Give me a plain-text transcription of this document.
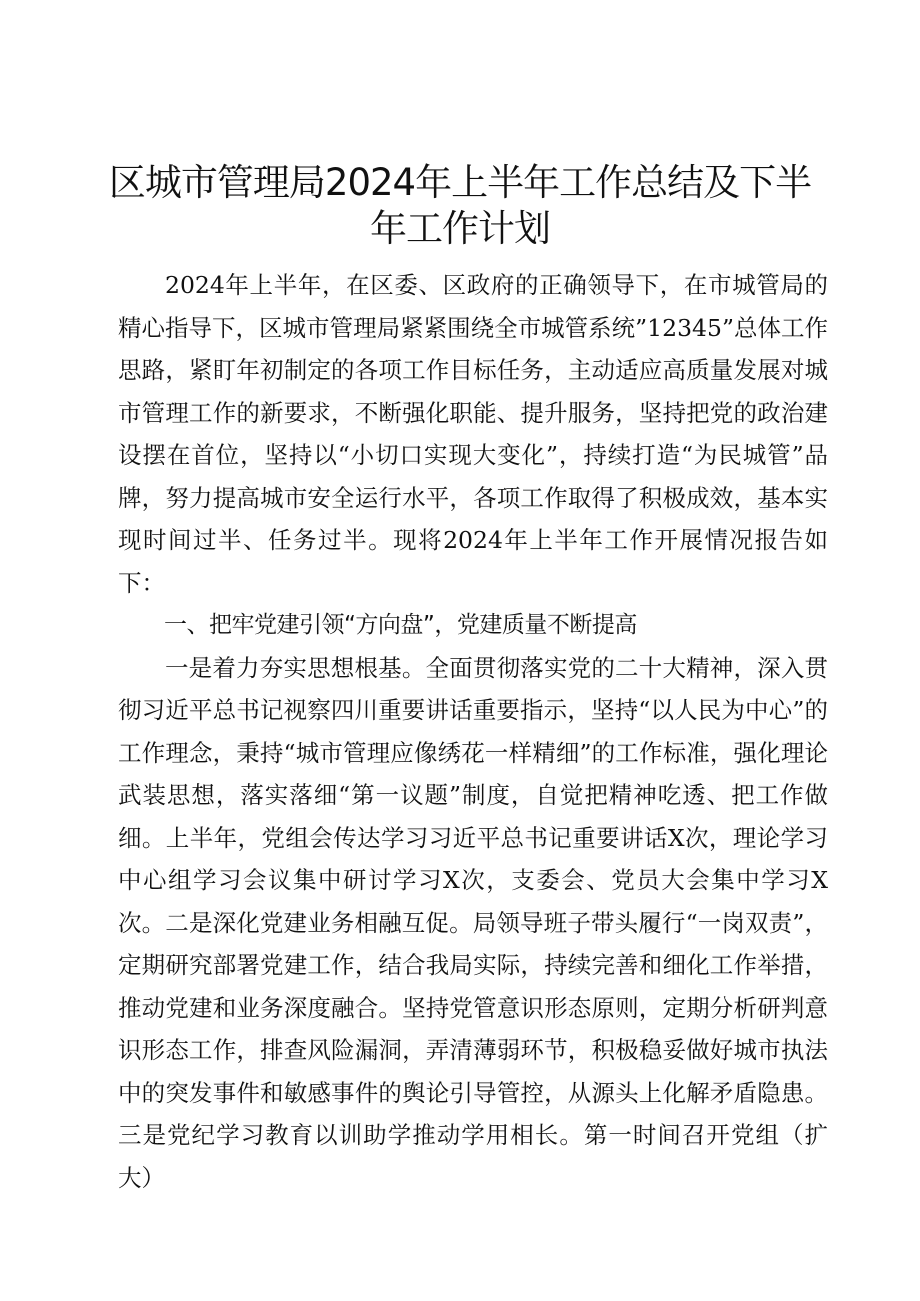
区城市管理局2024年上半年工作总结及下半
年工作计划

2024年上半年，在区委、区政府的正确领导下，在市城管局的精心指导下，区城市管理局紧紧围绕全市城管系统”12345”总体工作思路，紧盯年初制定的各项工作目标任务，主动适应高质量发展对城市管理工作的新要求，不断强化职能、提升服务，坚持把党的政治建设摆在首位，坚持以“小切口实现大变化”，持续打造“为民城管”品牌，努力提高城市安全运行水平，各项工作取得了积极成效，基本实现时间过半、任务过半。现将2024年上半年工作开展情况报告如下：

一、把牢党建引领“方向盘”，党建质量不断提高

一是着力夯实思想根基。全面贯彻落实党的二十大精神，深入贯彻习近平总书记视察四川重要讲话重要指示，坚持“以人民为中心”的工作理念，秉持“城市管理应像绣花一样精细”的工作标准，强化理论武装思想，落实落细“第一议题”制度，自觉把精神吃透、把工作做细。上半年，党组会传达学习习近平总书记重要讲话X次，理论学习中心组学习会议集中研讨学习X次，支委会、党员大会集中学习X次。二是深化党建业务相融互促。局领导班子带头履行“一岗双责”，定期研究部署党建工作，结合我局实际，持续完善和细化工作举措，推动党建和业务深度融合。坚持党管意识形态原则，定期分析研判意识形态工作，排查风险漏洞，弄清薄弱环节，积极稳妥做好城市执法中的突发事件和敏感事件的舆论引导管控，从源头上化解矛盾隐患。三是党纪学习教育以训助学推动学用相长。第一时间召开党组（扩大）
